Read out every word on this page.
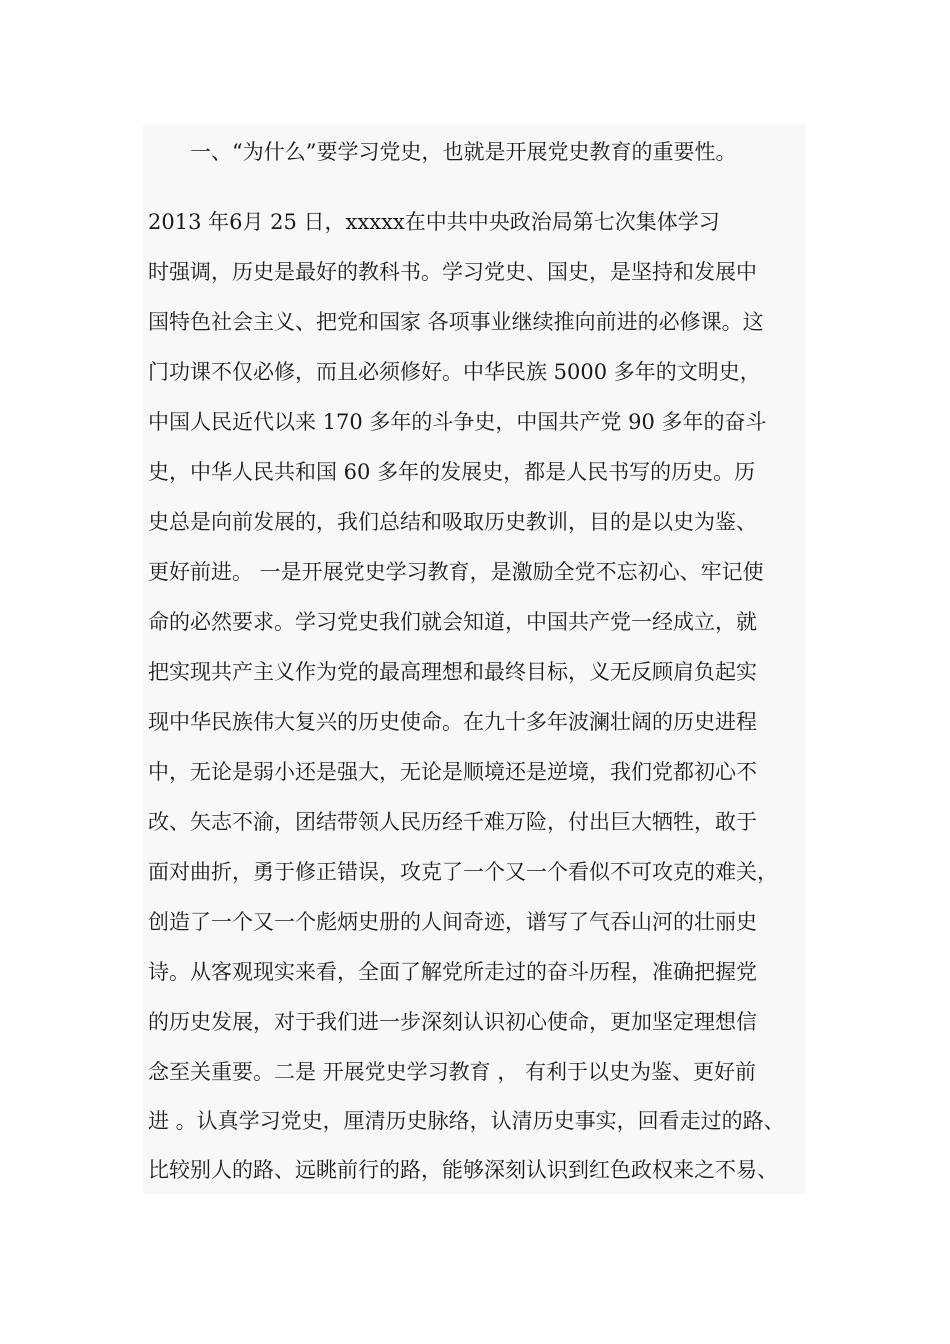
一、“为什么”要学习党史，也就是开展党史教育的重要性。
2013 年6月 25 日，xxxxx在中共中央政治局第七次集体学习
时强调，历史是最好的教科书。学习党史、国史，是坚持和发展中
国特色社会主义、把党和国家 各项事业继续推向前进的必修课。这
门功课不仅必修，而且必须修好。中华民族 5000 多年的文明史，
中国人民近代以来 170 多年的斗争史，中国共产党 90 多年的奋斗
史，中华人民共和国 60 多年的发展史，都是人民书写的历史。历
史总是向前发展的，我们总结和吸取历史教训，目的是以史为鉴、
更好前进。 一是开展党史学习教育，是激励全党不忘初心、牢记使
命的必然要求。学习党史我们就会知道，中国共产党一经成立，就
把实现共产主义作为党的最高理想和最终目标，义无反顾肩负起实
现中华民族伟大复兴的历史使命。在九十多年波澜壮阔的历史进程
中，无论是弱小还是强大，无论是顺境还是逆境，我们党都初心不
改、矢志不渝，团结带领人民历经千难万险，付出巨大牺牲，敢于
面对曲折，勇于修正错误，攻克了一个又一个看似不可攻克的难关，
创造了一个又一个彪炳史册的人间奇迹，谱写了气吞山河的壮丽史
诗。从客观现实来看，全面了解党所走过的奋斗历程，准确把握党
的历史发展，对于我们进一步深刻认识初心使命，更加坚定理想信
念至关重要。二是 开展党史学习教育 ， 有利于以史为鉴、更好前
进 。认真学习党史，厘清历史脉络，认清历史事实，回看走过的路、
比较别人的路、远眺前行的路，能够深刻认识到红色政权来之不易、
